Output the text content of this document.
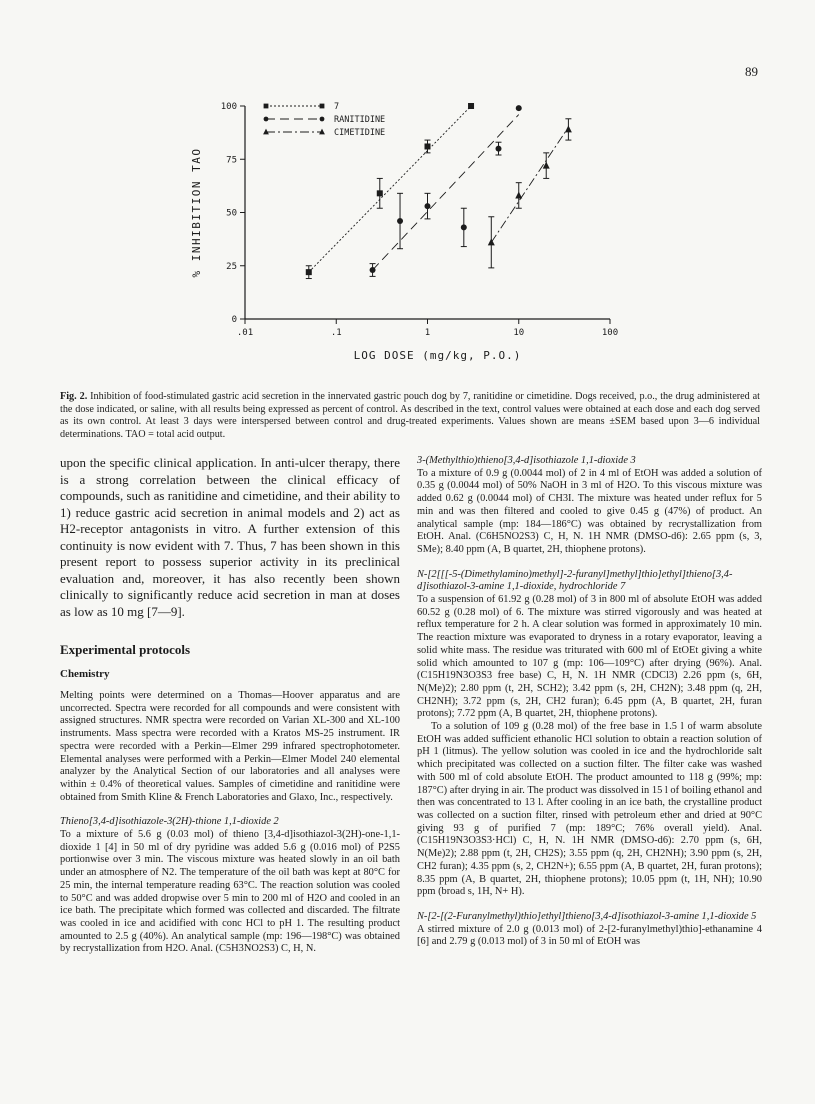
89
0
25
50
75
100
.01	.1	1	10	100
7
RANITIDINE
CIMETIDINE
% INHIBITION TAO
LOG DOSE (mg/kg, P.O.)

Fig. 2. Inhibition of food-stimulated gastric acid secretion in the innervated gastric pouch dog by 7, ranitidine or cimetidine. Dogs received, p.o., the drug administered at the dose indicated, or saline, with all results being expressed as percent of control. As described in the text, control values were obtained at each dose and each dog served as its own control. At least 3 days were interspersed between control and drug-treated experiments. Values shown are means ±SEM based upon 3—6 individual determinations. TAO = total acid output.

upon the specific clinical application. In anti-ulcer therapy, there is a strong correlation between the clinical efficacy of compounds, such as ranitidine and cimetidine, and their ability to 1) reduce gastric acid secretion in animal models and 2) act as H2-receptor antagonists in vitro. A further extension of this continuity is now evident with 7. Thus, 7 has been shown in this present report to possess superior activity in its preclinical evaluation and, moreover, it has also recently been shown clinically to significantly reduce acid secretion in man at doses as low as 10 mg [7—9].

Experimental protocols
Chemistry

Melting points were determined on a Thomas—Hoover apparatus and are uncorrected. Spectra were recorded for all compounds and were consistent with assigned structures. NMR spectra were recorded on Varian XL-300 and XL-100 instruments. Mass spectra were recorded with a Kratos MS-25 instrument. IR spectra were recorded with a Perkin—Elmer 299 infrared spectrophotometer. Elemental analyses were performed with a Perkin—Elmer Model 240 elemental analyzer by the Analytical Section of our laboratories and all analyses were within ± 0.4% of theoretical values. Samples of cimetidine and ranitidine were obtained from Smith Kline & French Laboratories and Glaxo, Inc., respectively.

Thieno[3,4-d]isothiazole-3(2H)-thione 1,1-dioxide 2

To a mixture of 5.6 g (0.03 mol) of thieno [3,4-d]isothiazol-3(2H)-one-1,1-dioxide 1 [4] in 50 ml of dry pyridine was added 5.6 g (0.016 mol) of P2S5 portionwise over 3 min. The viscous mixture was heated slowly in an oil bath under an atmosphere of N2. The temperature of the oil bath was kept at 80°C for 25 min, the internal temperature reading 63°C. The reaction solution was cooled to 50°C and was added dropwise over 5 min to 200 ml of H2O and cooled in an ice bath. The precipitate which formed was collected and discarded. The filtrate was cooled in ice and acidified with conc HCl to pH 1. The resulting product amounted to 2.5 g (40%). An analytical sample (mp: 196—198°C) was obtained by recrystallization from H2O. Anal. (C5H3NO2S3) C, H, N.

3-(Methylthio)thieno[3,4-d]isothiazole 1,1-dioxide 3

To a mixture of 0.9 g (0.0044 mol) of 2 in 4 ml of EtOH was added a solution of 0.35 g (0.0044 mol) of 50% NaOH in 3 ml of H2O. To this viscous mixture was added 0.62 g (0.0044 mol) of CH3I. The mixture was heated under reflux for 5 min and was then filtered and cooled to give 0.45 g (47%) of product. An analytical sample (mp: 184—186°C) was obtained by recrystallization from EtOH. Anal. (C6H5NO2S3) C, H, N. 1H NMR (DMSO-d6): 2.65 ppm (s, 3, SMe); 8.40 ppm (A, B quartet, 2H, thiophene protons).

N-[2[[[-5-(Dimethylamino)methyl]-2-furanyl]methyl]thio]ethyl]thieno[3,4-d]isothiazol-3-amine 1,1-dioxide, hydrochloride 7

To a suspension of 61.92 g (0.28 mol) of 3 in 800 ml of absolute EtOH was added 60.52 g (0.28 mol) of 6. The mixture was stirred vigorously and was heated at reflux temperature for 2 h. A clear solution was formed in approximately 10 min. The reaction mixture was evaporated to dryness in a rotary evaporator, leaving a solid white mass. The residue was triturated with 600 ml of EtOEt giving a white solid which amounted to 107 g (mp: 106—109°C) after drying (96%). Anal. (C15H19N3O3S3 free base) C, H, N. 1H NMR (CDCl3) 2.26 ppm (s, 6H, N(Me)2); 2.80 ppm (t, 2H, SCH2); 3.42 ppm (s, 2H, CH2N); 3.48 ppm (q, 2H, CH2NH); 3.72 ppm (s, 2H, CH2 furan); 6.45 ppm (A, B quartet, 2H, furan protons); 7.72 ppm (A, B quartet, 2H, thiophene protons).

To a solution of 109 g (0.28 mol) of the free base in 1.5 l of warm absolute EtOH was added sufficient ethanolic HCl solution to obtain a reaction solution of pH 1 (litmus). The yellow solution was cooled in ice and the hydrochloride salt which precipitated was collected on a suction filter. The filter cake was washed with 500 ml of cold absolute EtOH. The product amounted to 118 g (99%; mp: 187°C) after drying in air. The product was dissolved in 15 l of boiling ethanol and then was concentrated to 13 l. After cooling in an ice bath, the crystalline product was collected on a suction filter, rinsed with petroleum ether and dried at 90°C giving 93 g of purified 7 (mp: 189°C; 76% overall yield). Anal. (C15H19N3O3S3·HCl) C, H, N. 1H NMR (DMSO-d6): 2.70 ppm (s, 6H, N(Me)2); 2.88 ppm (t, 2H, CH2S); 3.55 ppm (q, 2H, CH2NH); 3.90 ppm (s, 2H, CH2 furan); 4.35 ppm (s, 2, CH2N+); 6.55 ppm (A, B quartet, 2H, furan protons); 8.35 ppm (A, B quartet, 2H, thiophene protons); 10.05 ppm (t, 1H, NH); 10.90 ppm (broad s, 1H, N+ H).

N-[2-[(2-Furanylmethyl)thio]ethyl]thieno[3,4-d]isothiazol-3-amine 1,1-dioxide 5

A stirred mixture of 2.0 g (0.013 mol) of 2-[2-furanylmethyl)thio]-ethanamine 4 [6] and 2.79 g (0.013 mol) of 3 in 50 ml of EtOH was
